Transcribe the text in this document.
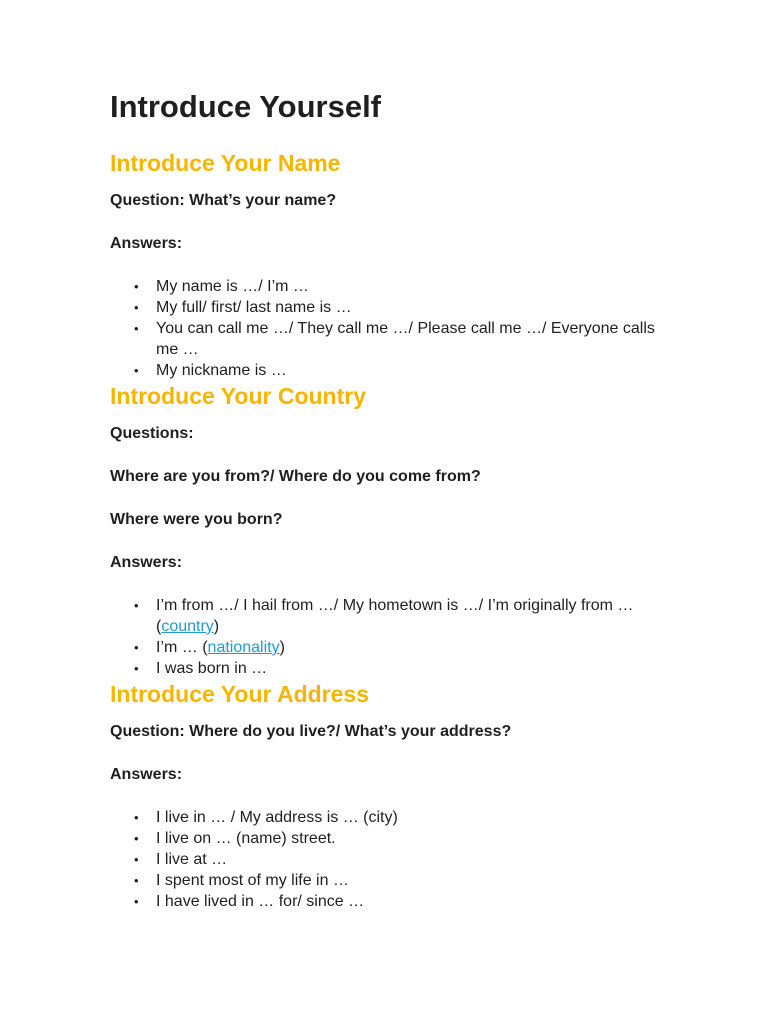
Introduce Yourself
Introduce Your Name

Question: What’s your name?

Answers:

• My name is …/ I’m …
• My full/ first/ last name is …
• You can call me …/ They call me …/ Please call me …/ Everyone calls me …
• My nickname is …
Introduce Your Country

Questions:

Where are you from?/ Where do you come from?

Where were you born?

Answers:

• I’m from …/ I hail from …/ My hometown is …/ I’m originally from … (country)
• I’m … (nationality)
• I was born in …
Introduce Your Address

Question: Where do you live?/ What’s your address?

Answers:

• I live in … / My address is … (city)
• I live on … (name) street.
• I live at …
• I spent most of my life in …
• I have lived in … for/ since …
